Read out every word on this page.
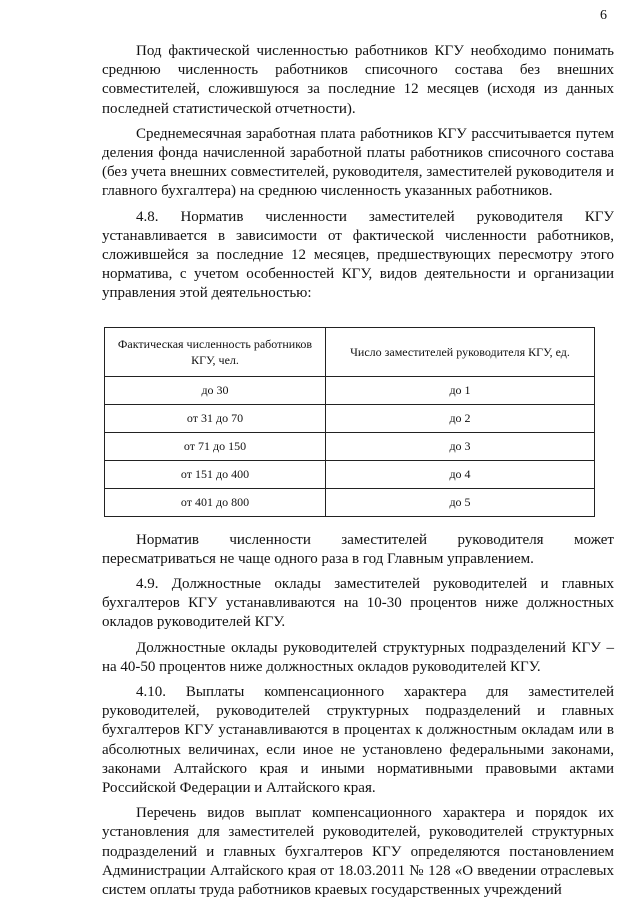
6

Под фактической численностью работников КГУ необходимо понимать среднюю численность работников списочного состава без внешних совместителей, сложившуюся за последние 12 месяцев (исходя из данных последней статистической отчетности).

Среднемесячная заработная плата работников КГУ рассчитывается путем деления фонда начисленной заработной платы работников списочного состава (без учета внешних совместителей, руководителя, заместителей руководителя и главного бухгалтера) на среднюю численность указанных работников.

4.8. Норматив численности заместителей руководителя КГУ устанавливается в зависимости от фактической численности работников, сложившейся за последние 12 месяцев, предшествующих пересмотру этого норматива, с учетом особенностей КГУ, видов деятельности и организации управления этой деятельностью:

Фактическая численность работников КГУ, чел.	Число заместителей руководителя КГУ, ед.
до 30	до 1
от 31 до 70	до 2
от 71 до 150	до 3
от 151 до 400	до 4
от 401 до 800	до 5

Норматив численности заместителей руководителя может пересматриваться не чаще одного раза в год Главным управлением.

4.9. Должностные оклады заместителей руководителей и главных бухгалтеров КГУ устанавливаются на 10-30 процентов ниже должностных окладов руководителей КГУ.

Должностные оклады руководителей структурных подразделений КГУ – на 40-50 процентов ниже должностных окладов руководителей КГУ.

4.10. Выплаты компенсационного характера для заместителей руководителей, руководителей структурных подразделений и главных бухгалтеров КГУ устанавливаются в процентах к должностным окладам или в абсолютных величинах, если иное не установлено федеральными законами, законами Алтайского края и иными нормативными правовыми актами Российской Федерации и Алтайского края.

Перечень видов выплат компенсационного характера и порядок их установления для заместителей руководителей, руководителей структурных подразделений и главных бухгалтеров КГУ определяются постановлением Администрации Алтайского края от 18.03.2011 № 128 «О введении отраслевых систем оплаты труда работников краевых государственных учреждений
